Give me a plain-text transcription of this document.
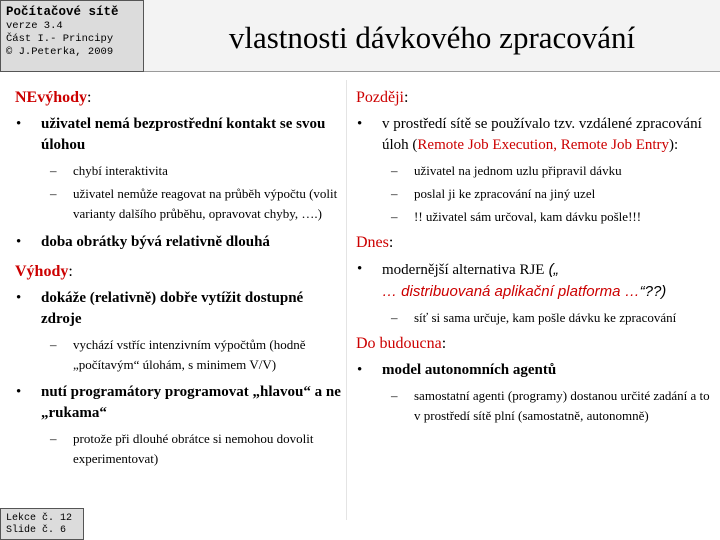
Počítačové sítě
verze 3.4
Část I.- Principy
© J.Peterka, 2009	vlastnosti dávkového zpracování
NEvýhody:
• uživatel nemá bezprostřední kontakt se svou úlohou
– chybí interaktivita
– uživatel nemůže reagovat na průběh výpočtu (volit varianty dalšího průběhu, opravovat chyby, ….)
• doba obrátky bývá relativně dlouhá
Výhody:
• dokáže (relativně) dobře vytížit dostupné zdroje
– vychází vstříc intenzivním výpočtům (hodně „počítavým“ úlohám, s minimem V/V)
• nutí programátory programovat „hlavou“ a ne „rukama“
– protože při dlouhé obrátce si nemohou dovolit experimentovat)
Později:
• v prostředí sítě se používalo tzv. vzdálené zpracování úloh (Remote Job Execution, Remote Job Entry):
– uživatel na jednom uzlu připravil dávku
– poslal ji ke zpracování na jiný uzel
– !! uživatel sám určoval, kam dávku pošle!!!
Dnes:
• modernější alternativa RJE („
… distribuovaná aplikační platforma …“??)
– síť si sama určuje, kam pošle dávku ke zpracování
Do budoucna:
• model autonomních agentů
– samostatní agenti (programy) dostanou určité zadání a to v prostředí sítě plní (samostatně, autonomně)
Lekce č. 12
Slide č. 6
